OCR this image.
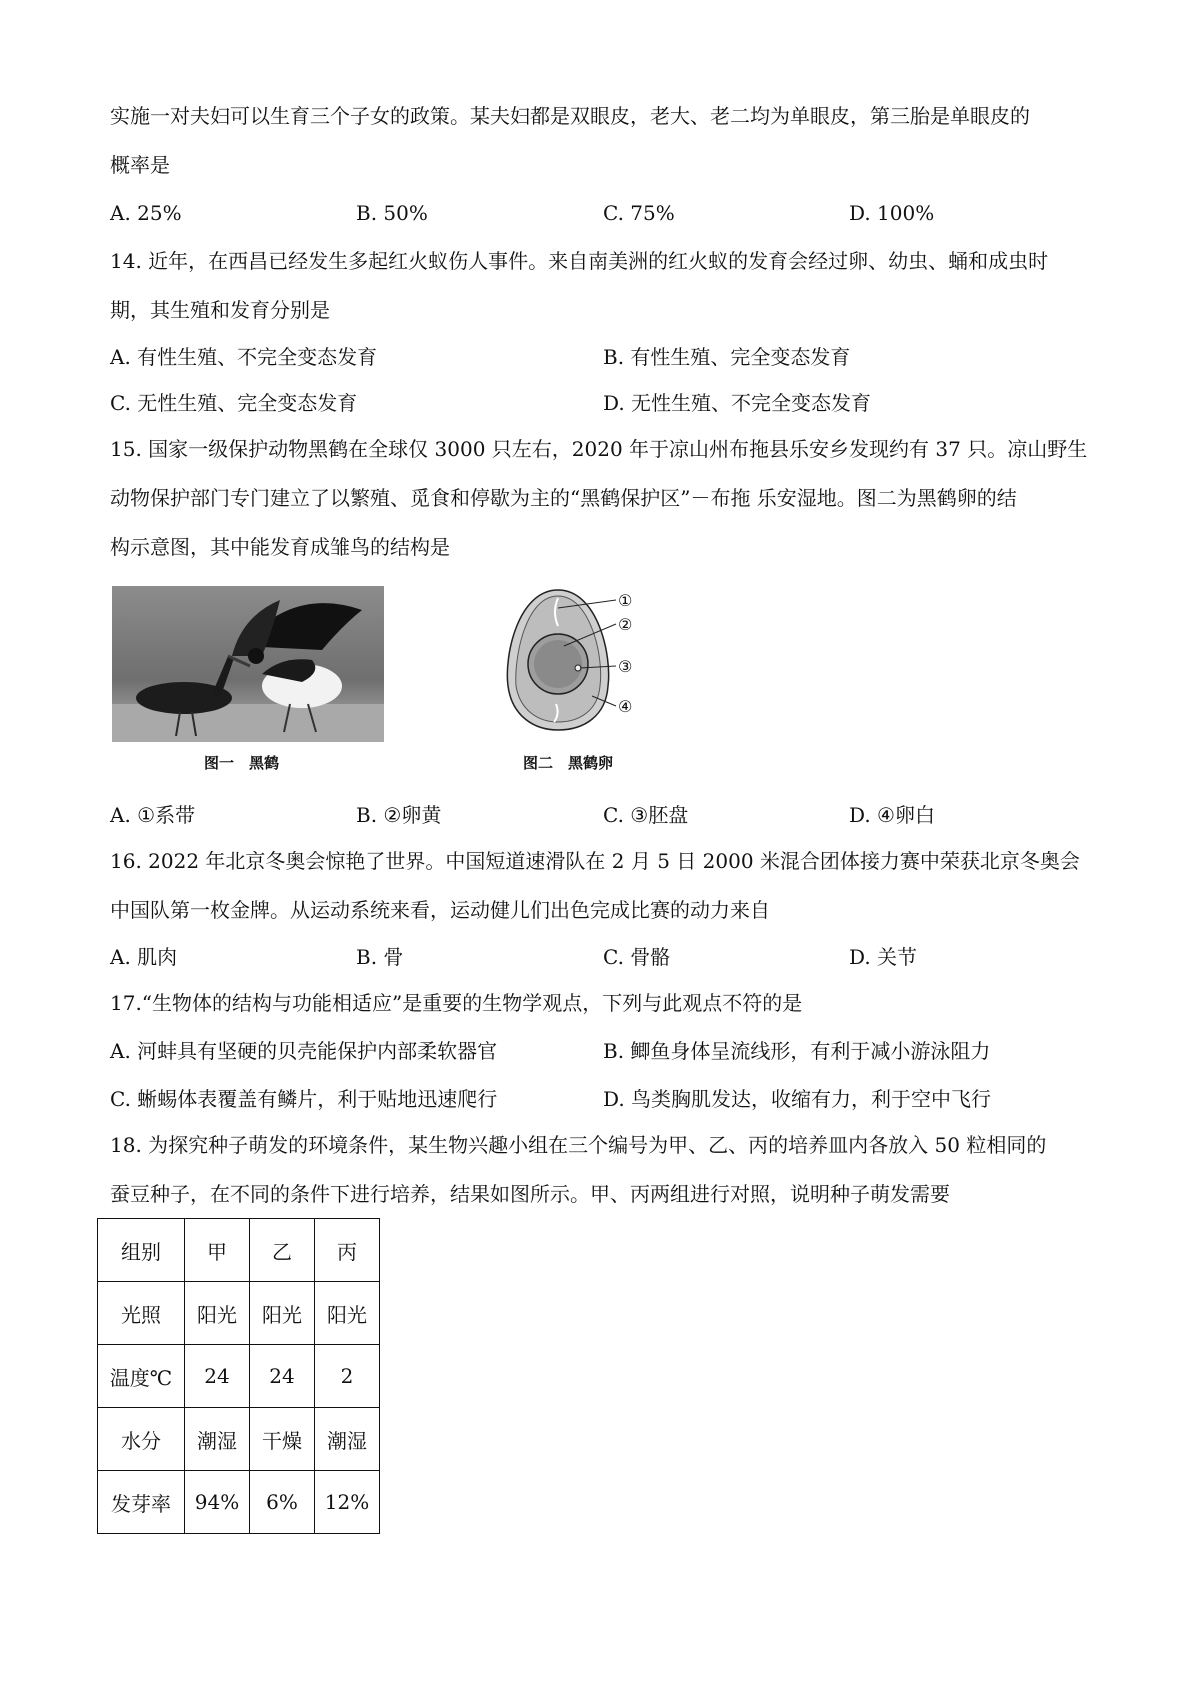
实施一对夫妇可以生育三个子女的政策。某夫妇都是双眼皮，老大、老二均为单眼皮，第三胎是单眼皮的
概率是
A. 25%	B. 50%	C. 75%	D. 100%
14. 近年，在西昌已经发生多起红火蚁伤人事件。来自南美洲的红火蚁的发育会经过卵、幼虫、蛹和成虫时
期，其生殖和发育分别是
A. 有性生殖、不完全变态发育	B. 有性生殖、完全变态发育
C. 无性生殖、完全变态发育	D. 无性生殖、不完全变态发育
15. 国家一级保护动物黑鹤在全球仅 3000 只左右，2020 年于凉山州布拖县乐安乡发现约有 37 只。凉山野生
动物保护部门专门建立了以繁殖、觅食和停歇为主的“黑鹤保护区”－布拖 乐安湿地。图二为黑鹤卵的结
构示意图，其中能发育成雏鸟的结构是
图一　黑鹤
①
②
③
④
图二　黑鹤卵
A. ①系带	B. ②卵黄	C. ③胚盘	D. ④卵白
16. 2022 年北京冬奥会惊艳了世界。中国短道速滑队在 2 月 5 日 2000 米混合团体接力赛中荣获北京冬奥会
中国队第一枚金牌。从运动系统来看，运动健儿们出色完成比赛的动力来自
A. 肌肉	B. 骨	C. 骨骼	D. 关节
17.“生物体的结构与功能相适应”是重要的生物学观点，下列与此观点不符的是
A. 河蚌具有坚硬的贝壳能保护内部柔软器官	B. 鲫鱼身体呈流线形，有利于减小游泳阻力
C. 蜥蜴体表覆盖有鳞片，利于贴地迅速爬行	D. 鸟类胸肌发达，收缩有力，利于空中飞行
18. 为探究种子萌发的环境条件，某生物兴趣小组在三个编号为甲、乙、丙的培养皿内各放入 50 粒相同的
蚕豆种子，在不同的条件下进行培养，结果如图所示。甲、丙两组进行对照，说明种子萌发需要
组别	甲	乙	丙
光照	阳光	阳光	阳光
温度℃	24	24	2
水分	潮湿	干燥	潮湿
发芽率	94%	6%	12%
